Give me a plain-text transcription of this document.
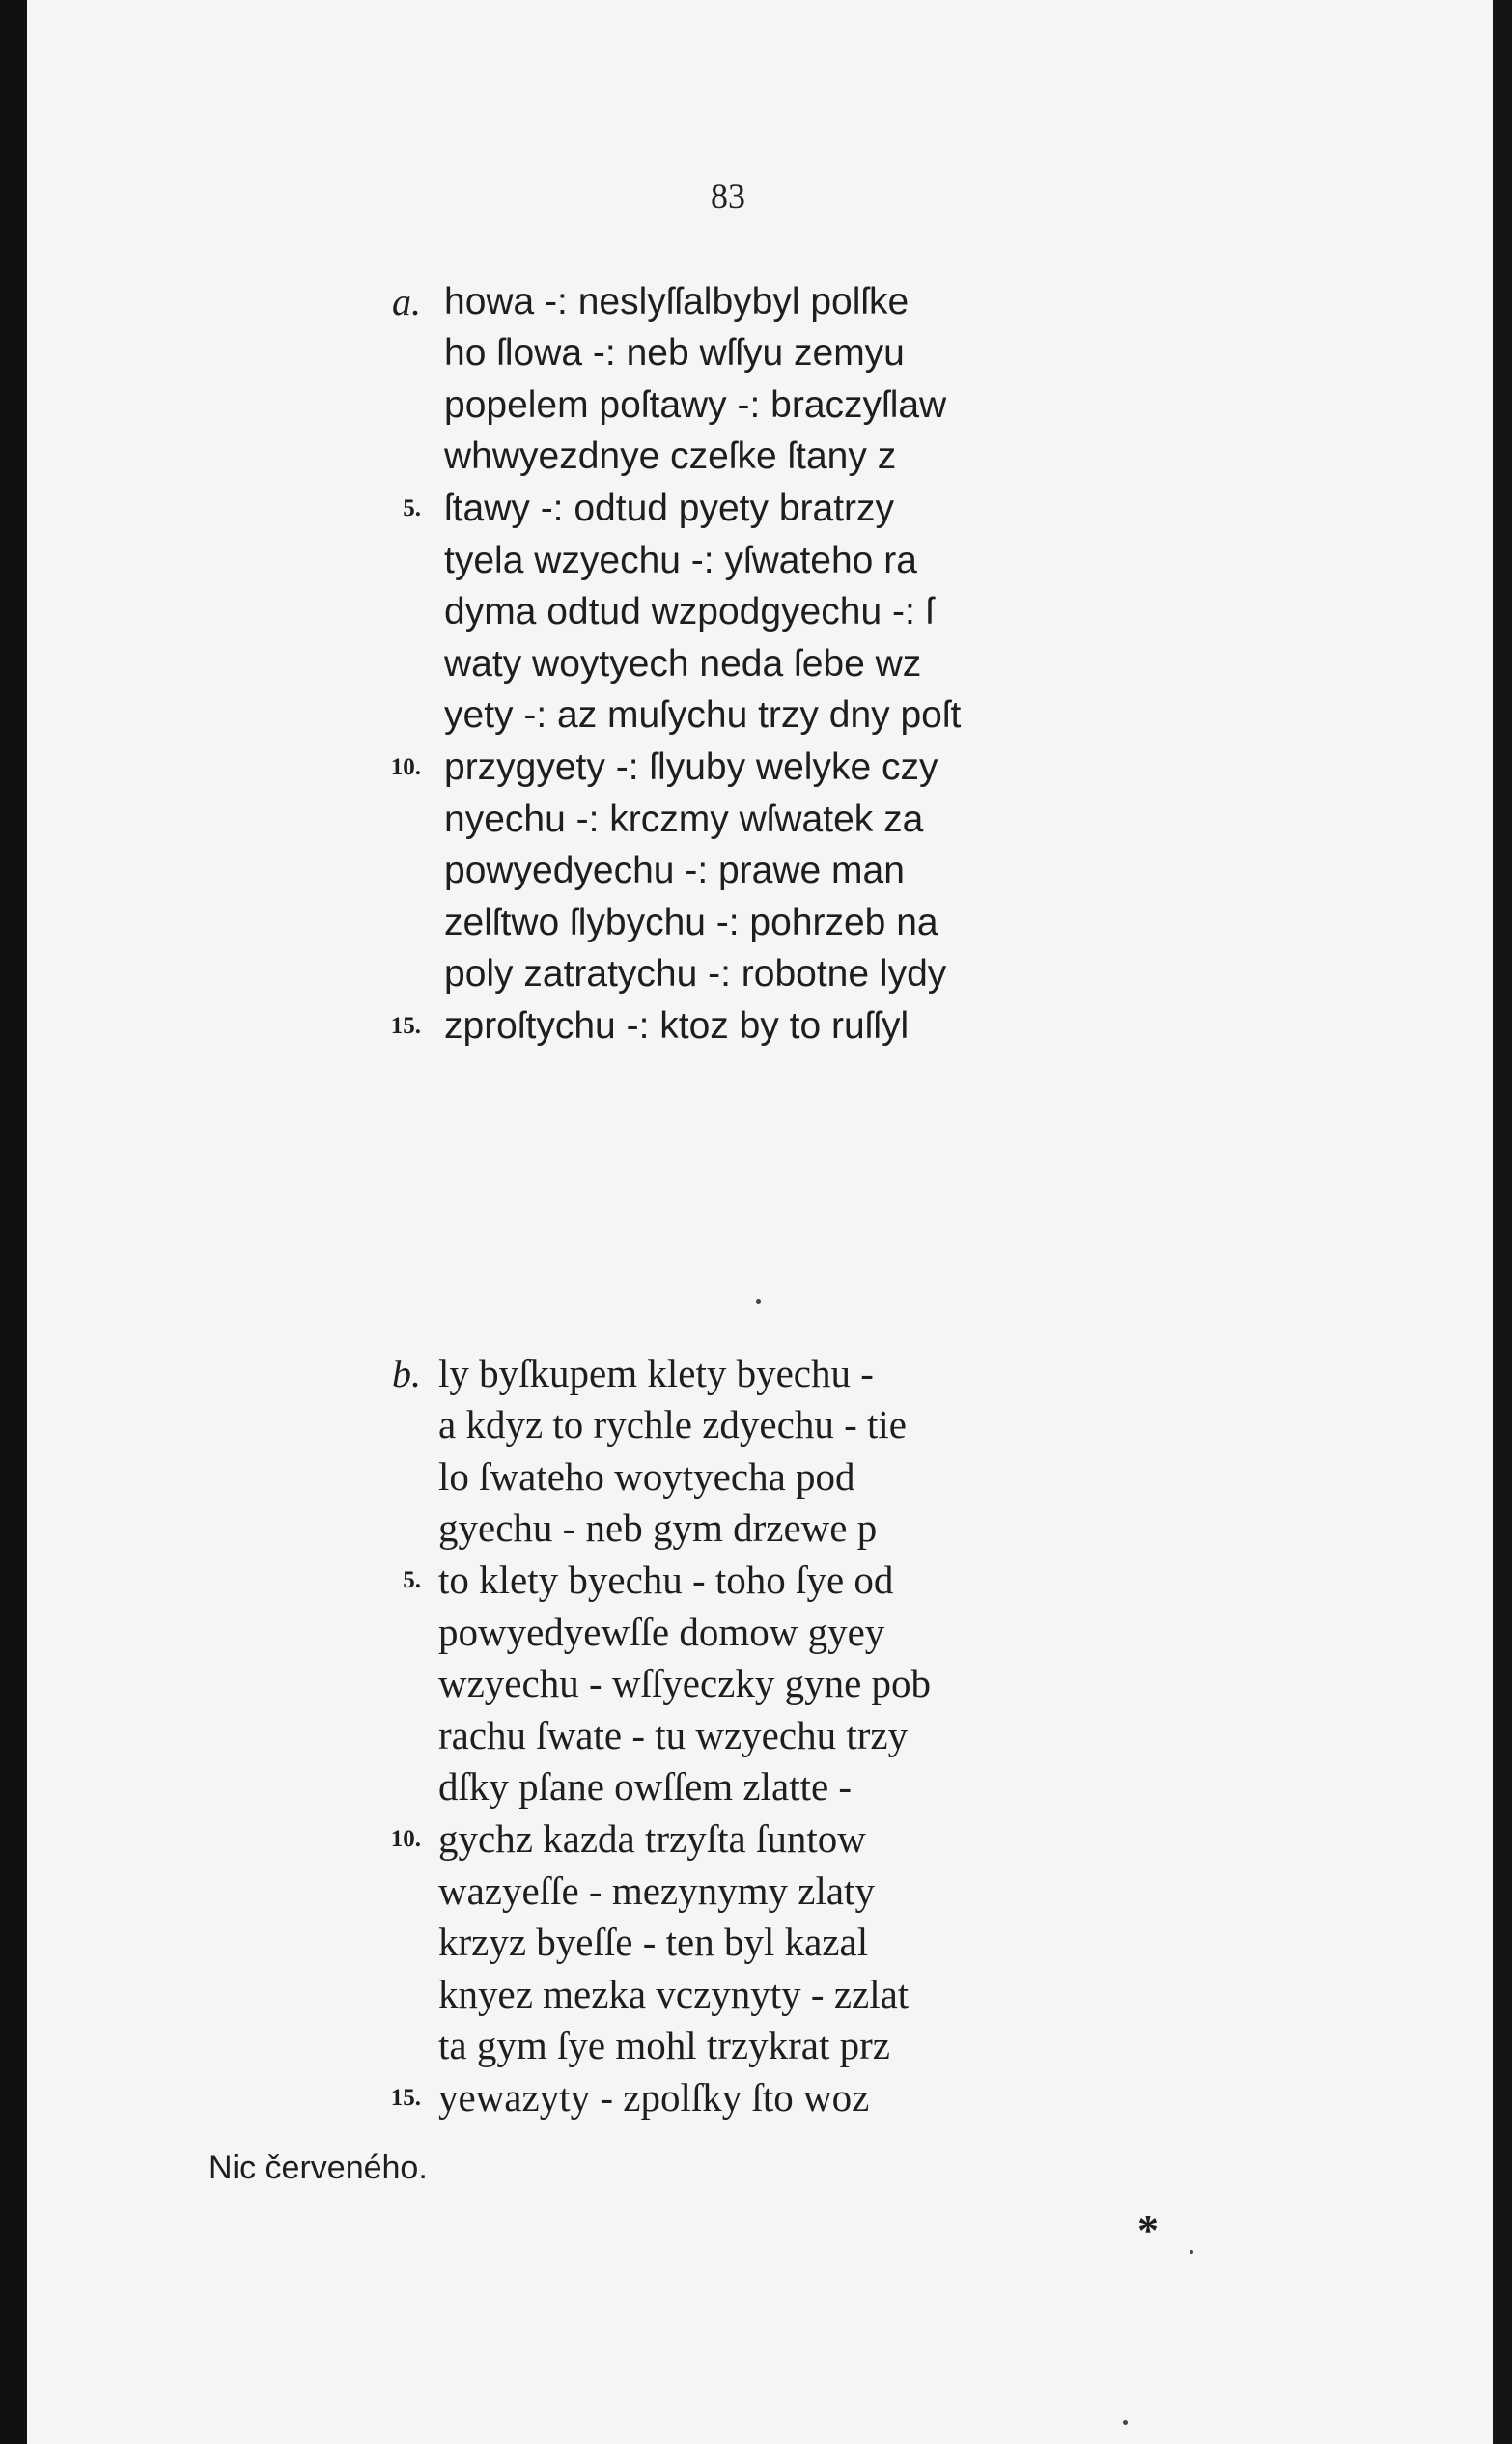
83
a.
5.
10.
15.
howa -: neslyſſalbybyl polſke
ho ſlowa -: neb wſſyu zemyu
popelem poſtawy -: braczyſlaw
whwyezdnye czeſke ſtany z
ſtawy -: odtud pyety bratrzy
tyela wzyechu -: yſwateho ra
dyma odtud wzpodgyechu -: ſ
waty woytyech neda ſebe wz
yety -: az muſychu trzy dny poſt
przygyety -: ſlyuby welyke czy
nyechu -: krczmy wſwatek za
powyedyechu -: prawe man
zelſtwo ſlybychu -: pohrzeb na
poly zatratychu -: robotne lydy
zproſtychu -: ktoz by to ruſſyl
b.
5.
10.
15.
ly byſkupem klety byechu -
a kdyz to rychle zdyechu - tie
lo ſwateho woytyecha pod
gyechu - neb gym drzewe p
to klety byechu - toho ſye od
powyedyewſſe domow gyey
wzyechu - wſſyeczky gyne pob
rachu ſwate - tu wzyechu trzy
dſky pſane owſſem zlatte -
gychz kazda trzyſta ſuntow
wazyeſſe - mezynymy zlaty
krzyz byeſſe - ten byl kazal
knyez mezka vczynyty - zzlat
ta gym ſye mohl trzykrat prz
yewazyty - zpolſky ſto woz
Nic červeného.
*
